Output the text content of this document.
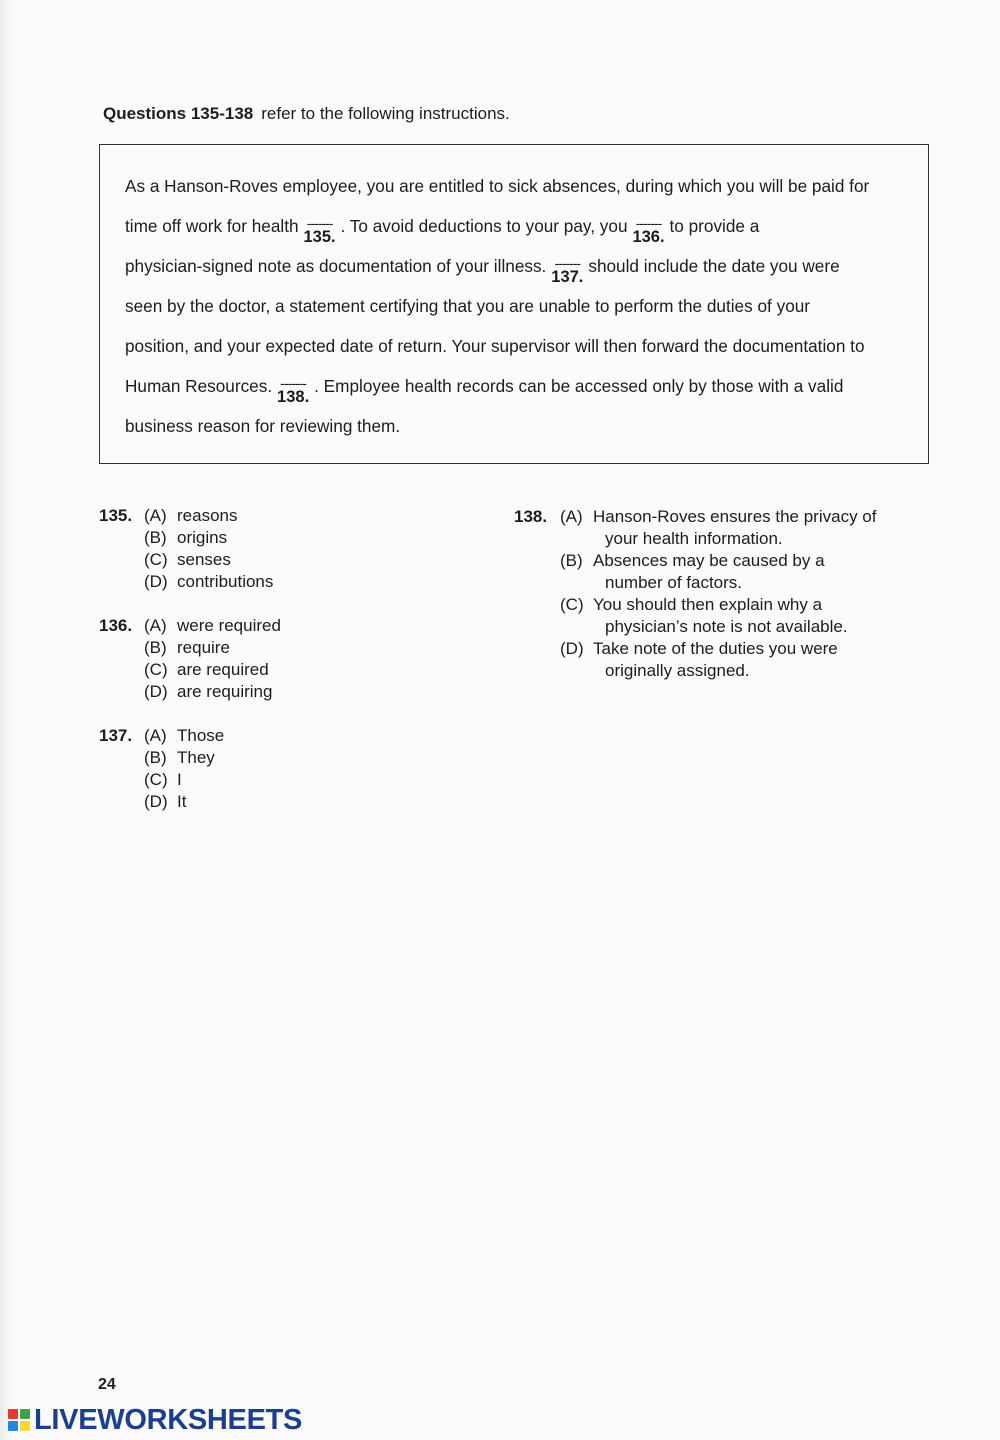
Questions 135-138 refer to the following instructions.
As a Hanson-Roves employee, you are entitled to sick absences, during which you will be paid for
time off work for health -------
135.
. To avoid deductions to your pay, you -------
136.
to provide a
physician-signed note as documentation of your illness. -------
137.
should include the date you were
seen by the doctor, a statement certifying that you are unable to perform the duties of your
position, and your expected date of return. Your supervisor will then forward the documentation to
Human Resources. -------
138.
. Employee health records can be accessed only by those with a valid
business reason for reviewing them.
135. (A) reasons
(B) origins
(C) senses
(D) contributions
136. (A) were required
(B) require
(C) are required
(D) are requiring
137. (A) Those
(B) They
(C) I
(D) It
138. (A) Hanson-Roves ensures the privacy of
your health information.
(B) Absences may be caused by a
number of factors.
(C) You should then explain why a
physician’s note is not available.
(D) Take note of the duties you were
originally assigned.
24
LIVEWORKSHEETS
